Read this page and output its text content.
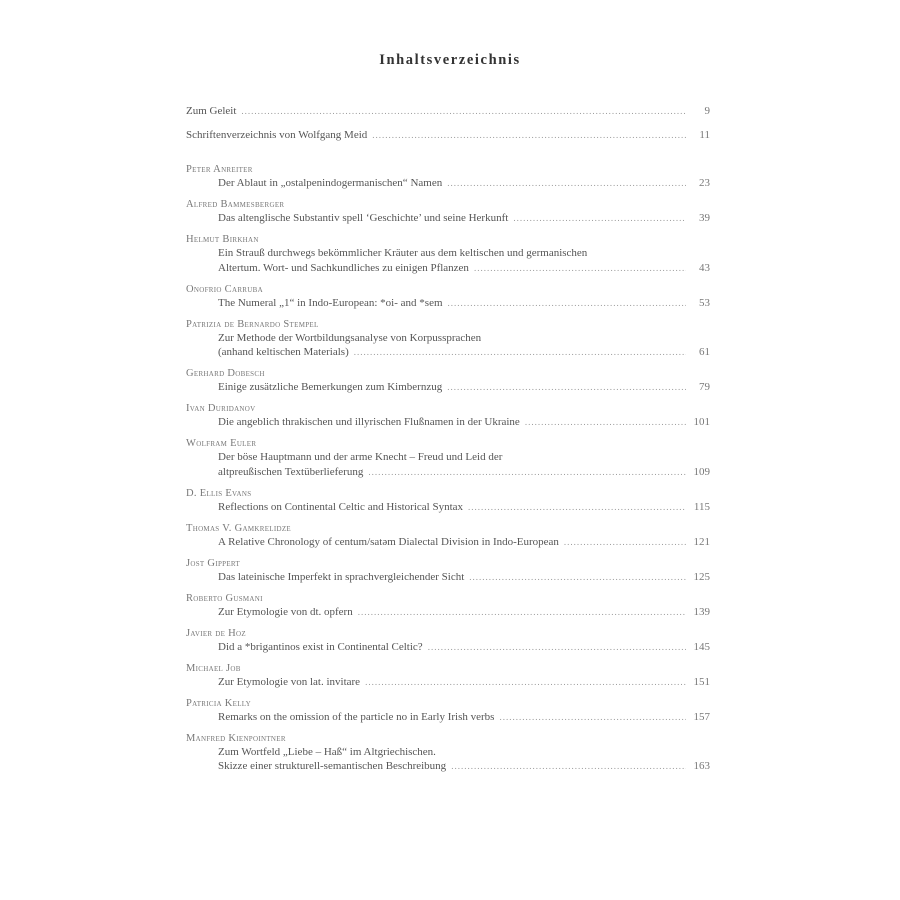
Inhaltsverzeichnis
Zum Geleit .....	9
Schriftenverzeichnis von Wolfgang Meid .....	11
Peter Anreiter
Der Ablaut in „ostalpenindogermanischen“ Namen .....	23
Alfred Bammesberger
Das altenglische Substantiv spell ‘Geschichte’ und seine Herkunft .....	39
Helmut Birkhan
Ein Strauß durchwegs bekömmlicher Kräuter aus dem keltischen und germanischen
Altertum. Wort- und Sachkundliches zu einigen Pflanzen .....	43
Onofrio Carruba
The Numeral „1“ in Indo-European: *oi- and *sem .....	53
Patrizia de Bernardo Stempel
Zur Methode der Wortbildungsanalyse von Korpussprachen
(anhand keltischen Materials) .....	61
Gerhard Dobesch
Einige zusätzliche Bemerkungen zum Kimbernzug .....	79
Ivan Duridanov
Die angeblich thrakischen und illyrischen Flußnamen in der Ukraine .....	101
Wolfram Euler
Der böse Hauptmann und der arme Knecht – Freud und Leid der
altpreußischen Textüberlieferung .....	109
D. Ellis Evans
Reflections on Continental Celtic and Historical Syntax .....	115
Thomas V. Gamkrelidze
A Relative Chronology of centum/satəm Dialectal Division in Indo-European .....	121
Jost Gippert
Das lateinische Imperfekt in sprachvergleichender Sicht .....	125
Roberto Gusmani
Zur Etymologie von dt. opfern .....	139
Javier de Hoz
Did a *brigantinos exist in Continental Celtic? .....	145
Michael Job
Zur Etymologie von lat. invitare .....	151
Patricia Kelly
Remarks on the omission of the particle no in Early Irish verbs .....	157
Manfred Kienpointner
Zum Wortfeld „Liebe – Haß“ im Altgriechischen.
Skizze einer strukturell-semantischen Beschreibung .....	163
